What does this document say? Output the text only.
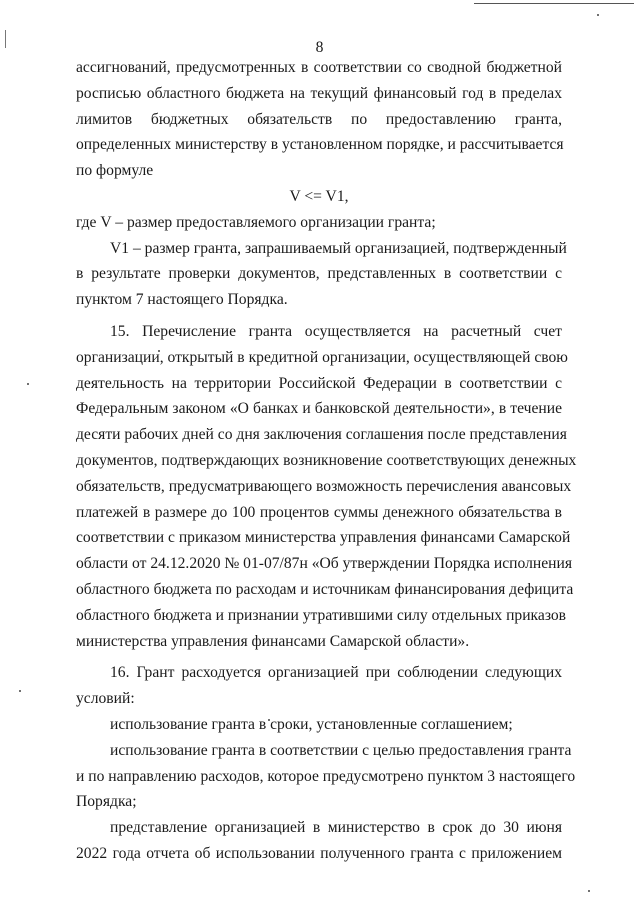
8
ассигнований, предусмотренных в соответствии со сводной бюджетной
росписью областного бюджета на текущий финансовый год в пределах
лимитов бюджетных обязательств по предоставлению гранта,
определенных министерству в установленном порядке, и рассчитывается
по формуле
V <= V1,
где V – размер предоставляемого организации гранта;
V1 – размер гранта, запрашиваемый организацией, подтвержденный
в результате проверки документов, представленных в соответствии с
пунктом 7 настоящего Порядка.
15. Перечисление гранта осуществляется на расчетный счет
организации, открытый в кредитной организации, осуществляющей свою
деятельность на территории Российской Федерации в соответствии с
Федеральным законом «О банках и банковской деятельности», в течение
десяти рабочих дней со дня заключения соглашения после представления
документов, подтверждающих возникновение соответствующих денежных
обязательств, предусматривающего возможность перечисления авансовых
платежей в размере до 100 процентов суммы денежного обязательства в
соответствии с приказом министерства управления финансами Самарской
области от 24.12.2020 № 01-07/87н «Об утверждении Порядка исполнения
областного бюджета по расходам и источникам финансирования дефицита
областного бюджета и признании утратившими силу отдельных приказов
министерства управления финансами Самарской области».
16. Грант расходуется организацией при соблюдении следующих
условий:
использование гранта в сроки, установленные соглашением;
использование гранта в соответствии с целью предоставления гранта
и по направлению расходов, которое предусмотрено пунктом 3 настоящего
Порядка;
представление организацией в министерство в срок до 30 июня
2022 года отчета об использовании полученного гранта с приложением
